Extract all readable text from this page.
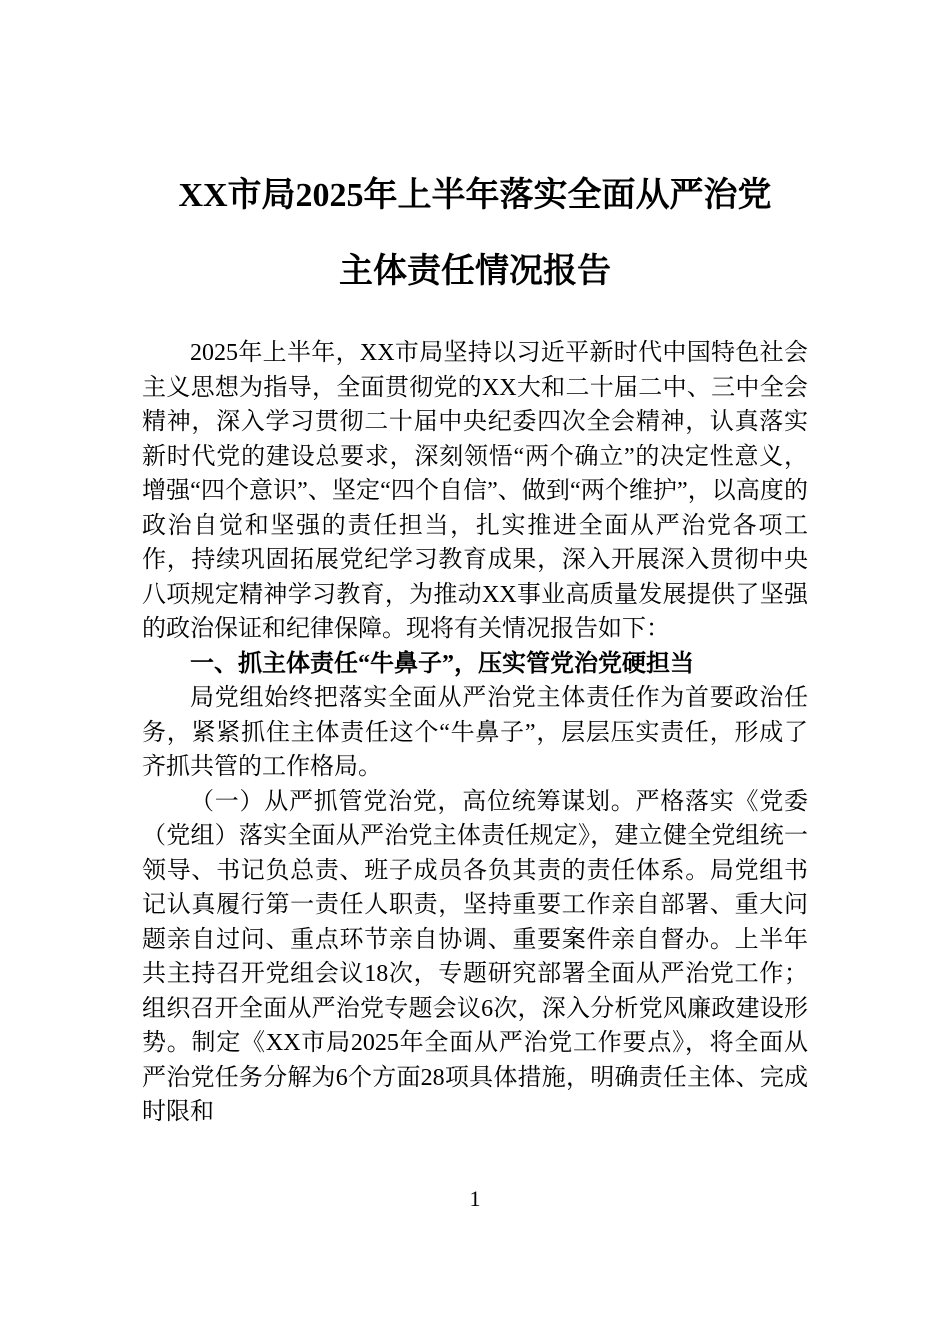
XX市局2025年上半年落实全面从严治党
主体责任情况报告

2025年上半年，XX市局坚持以习近平新时代中国特色社会主义思想为指导，全面贯彻党的XX大和二十届二中、三中全会精神，深入学习贯彻二十届中央纪委四次全会精神，认真落实新时代党的建设总要求，深刻领悟“两个确立”的决定性意义，增强“四个意识”、坚定“四个自信”、做到“两个维护”，以高度的政治自觉和坚强的责任担当，扎实推进全面从严治党各项工作，持续巩固拓展党纪学习教育成果，深入开展深入贯彻中央八项规定精神学习教育，为推动XX事业高质量发展提供了坚强的政治保证和纪律保障。现将有关情况报告如下：

一、抓主体责任“牛鼻子”，压实管党治党硬担当

局党组始终把落实全面从严治党主体责任作为首要政治任务，紧紧抓住主体责任这个“牛鼻子”，层层压实责任，形成了齐抓共管的工作格局。

（一）从严抓管党治党，高位统筹谋划。严格落实《党委（党组）落实全面从严治党主体责任规定》，建立健全党组统一领导、书记负总责、班子成员各负其责的责任体系。局党组书记认真履行第一责任人职责，坚持重要工作亲自部署、重大问题亲自过问、重点环节亲自协调、重要案件亲自督办。上半年共主持召开党组会议18次，专题研究部署全面从严治党工作；组织召开全面从严治党专题会议6次，深入分析党风廉政建设形势。制定《XX市局2025年全面从严治党工作要点》，将全面从严治党任务分解为6个方面28项具体措施，明确责任主体、完成时限和

1
